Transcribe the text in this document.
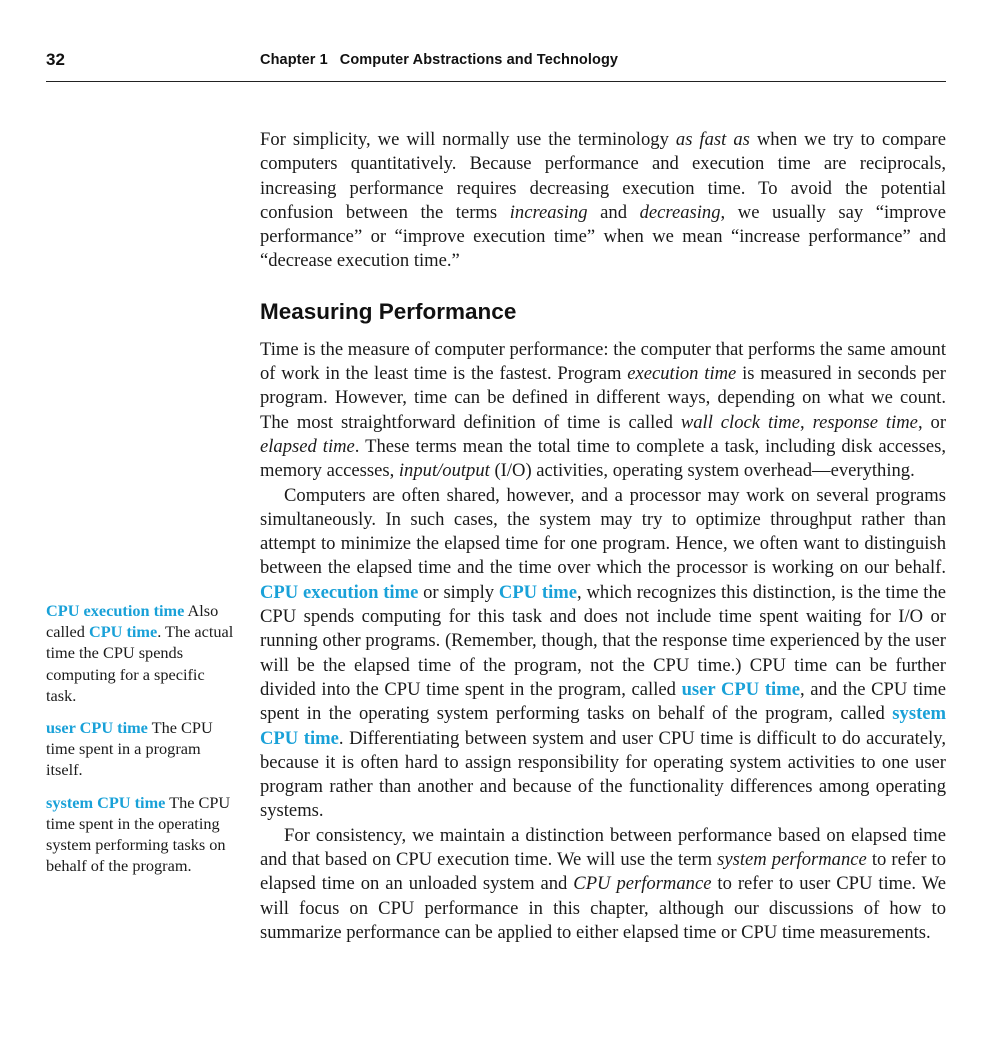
32	Chapter 1 Computer Abstractions and Technology

For simplicity, we will normally use the terminology as fast as when we try to compare computers quantitatively. Because performance and execution time are reciprocals, increasing performance requires decreasing execution time. To avoid the potential confusion between the terms increasing and decreasing, we usually say “improve performance” or “improve execution time” when we mean “increase performance” and “decrease execution time.”

Measuring Performance

Time is the measure of computer performance: the computer that performs the same amount of work in the least time is the fastest. Program execution time is measured in seconds per program. However, time can be defined in different ways, depending on what we count. The most straightforward definition of time is called wall clock time, response time, or elapsed time. These terms mean the total time to complete a task, including disk accesses, memory accesses, input/output (I/O) activities, operating system overhead—everything.

Computers are often shared, however, and a processor may work on several programs simultaneously. In such cases, the system may try to optimize throughput rather than attempt to minimize the elapsed time for one program. Hence, we often want to distinguish between the elapsed time and the time over which the processor is working on our behalf. CPU execution time or simply CPU time, which recognizes this distinction, is the time the CPU spends computing for this task and does not include time spent waiting for I/O or running other programs. (Remember, though, that the response time experienced by the user will be the elapsed time of the program, not the CPU time.) CPU time can be further divided into the CPU time spent in the program, called user CPU time, and the CPU time spent in the operating system performing tasks on behalf of the program, called system CPU time. Differentiating between system and user CPU time is difficult to do accurately, because it is often hard to assign responsibility for operating system activities to one user program rather than another and because of the functionality differences among operating systems.

For consistency, we maintain a distinction between performance based on elapsed time and that based on CPU execution time. We will use the term system performance to refer to elapsed time on an unloaded system and CPU performance to refer to user CPU time. We will focus on CPU performance in this chapter, although our discussions of how to summarize performance can be applied to either elapsed time or CPU time measurements.

CPU execution time Also called CPU time. The actual time the CPU spends computing for a specific task.

user CPU time The CPU time spent in a program itself.

system CPU time The CPU time spent in the operating system performing tasks on behalf of the program.
